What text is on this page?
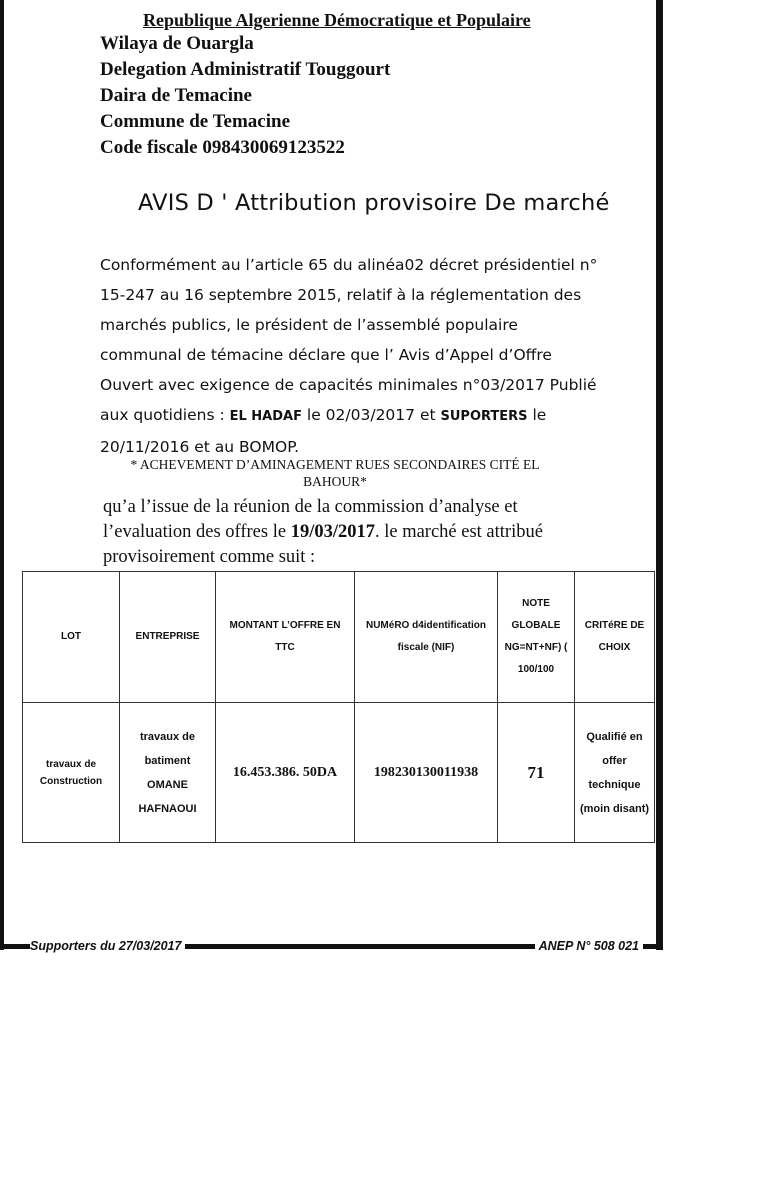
Republique Algerienne Démocratique et Populaire
Wilaya de Ouargla
Delegation Administratif Touggourt
Daira de Temacine
Commune de Temacine
Code fiscale 098430069123522
AVIS D ' Attribution provisoire De marché

Conformément au l’article 65 du alinéa02 décret présidentiel n°

15-247 au 16 septembre 2015, relatif à la réglementation des

marchés publics, le président de l’assemblé populaire

communal de témacine déclare que l’ Avis d’Appel d’Offre

Ouvert avec exigence de capacités minimales n°03/2017 Publié

aux quotidiens : EL HADAF le 02/03/2017 et SUPORTERS le

20/11/2016 et au BOMOP.

* ACHEVEMENT D’AMINAGEMENT RUES SECONDAIRES CITÉ EL BAHOUR*

qu’a l’issue de la réunion de la commission d’analyse et

l’evaluation des offres le 19/03/2017. le marché est attribué

provisoirement comme suit :

LOT	ENTREPRISE	MONTANT L’OFFRE EN TTC	NUMéRO d4identification fiscale (NIF)	NOTE GLOBALE NG=NT+NF) ( 100/100	CRITéRE DE CHOIX
travaux de Construction	travaux de batiment OMANE HAFNAOUI	16.453.386. 50DA	198230130011938	71	Qualifié en offer technique (moin disant)
Supporters du 27/03/2017	ANEP N° 508 021
